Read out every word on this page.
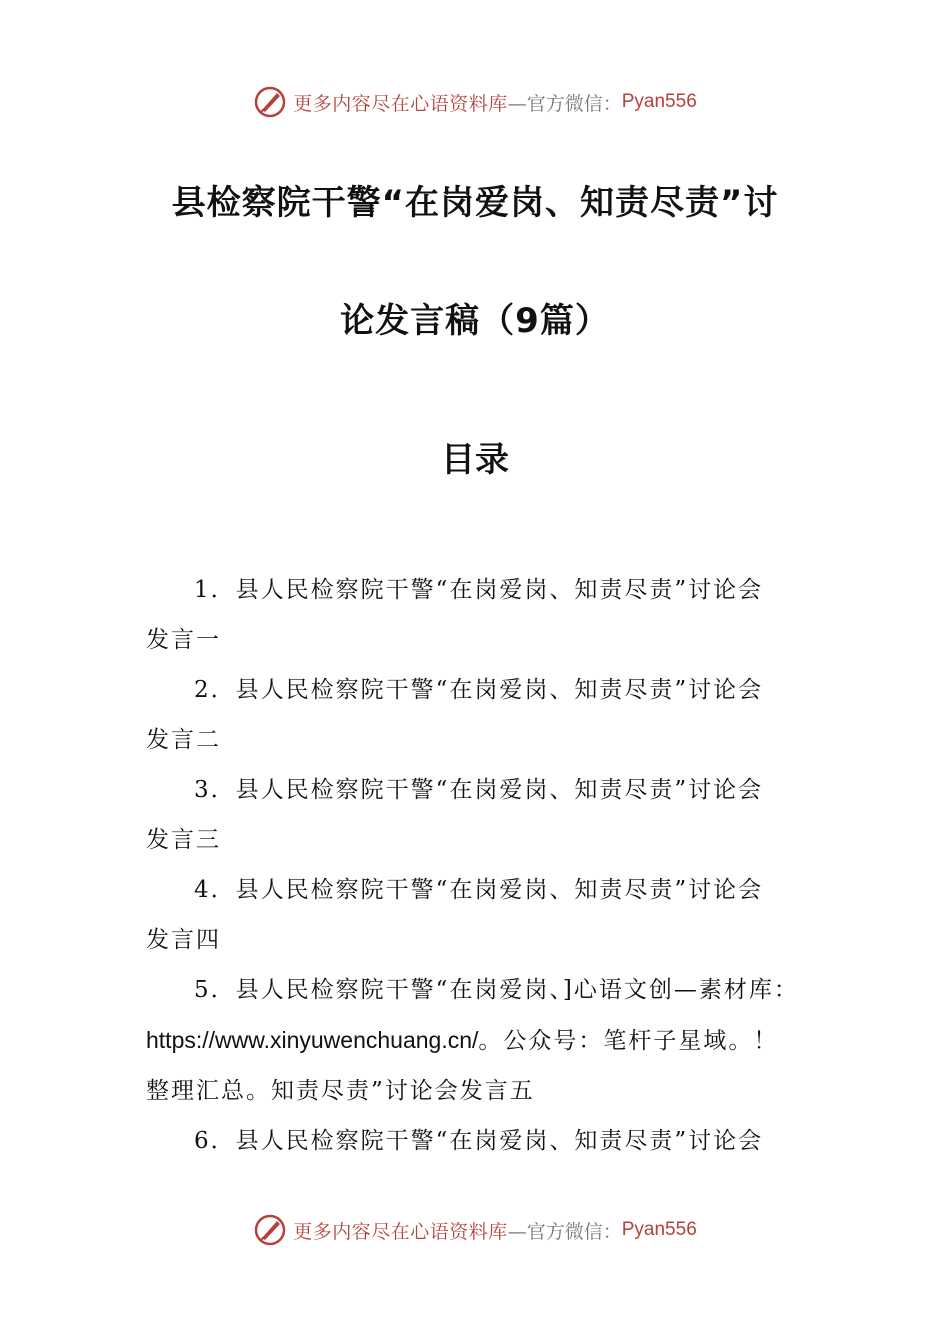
更多内容尽在心语资料库 —官方微信： Pyan556
县检察院干警“在岗爱岗、知责尽责”讨
论发言稿（9篇）
目录

1．县人民检察院干警“在岗爱岗、知责尽责”讨论会

发言一

2．县人民检察院干警“在岗爱岗、知责尽责”讨论会

发言二

3．县人民检察院干警“在岗爱岗、知责尽责”讨论会

发言三

4．县人民检察院干警“在岗爱岗、知责尽责”讨论会

发言四

5．县人民检察院干警“在岗爱岗、]心语文创—素材库：

https://www.xinyuwenchuang.cn/。公众号：笔杆子星域。！

整理汇总。知责尽责”讨论会发言五

6．县人民检察院干警“在岗爱岗、知责尽责”讨论会

更多内容尽在心语资料库 —官方微信： Pyan556
